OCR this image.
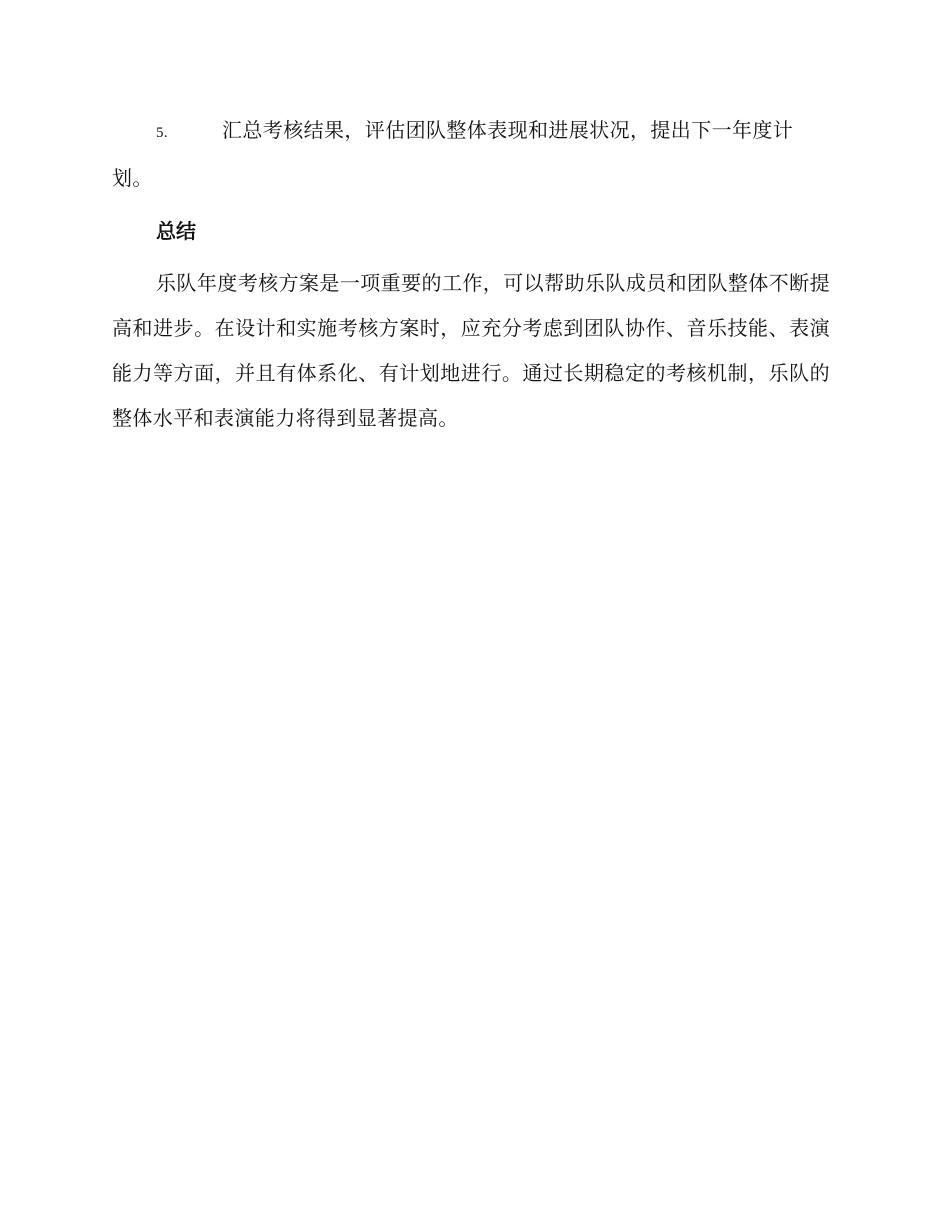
5.	汇总考核结果，评估团队整体表现和进展状况，提出下一年度计划。

总结

乐队年度考核方案是一项重要的工作，可以帮助乐队成员和团队整体不断提高和进步。在设计和实施考核方案时，应充分考虑到团队协作、音乐技能、表演能力等方面，并且有体系化、有计划地进行。通过长期稳定的考核机制，乐队的整体水平和表演能力将得到显著提高。
